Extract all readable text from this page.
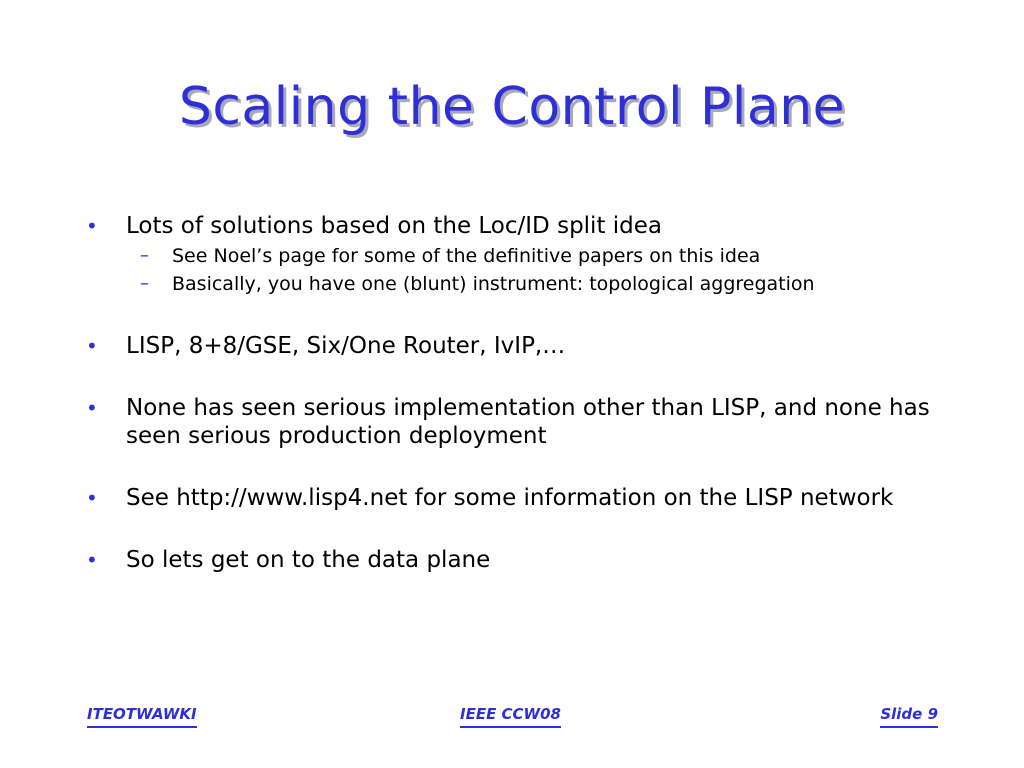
Scaling the Control Plane
•	Lots of solutions based on the Loc/ID split idea
– See Noel’s page for some of the definitive papers on this idea
– Basically, you have one (blunt) instrument: topological aggregation
•	LISP, 8+8/GSE, Six/One Router, IvIP,…
•	None has seen serious implementation other than LISP, and none has seen serious production deployment
•	See http://www.lisp4.net for some information on the LISP network
•	So lets get on to the data plane
ITEOTWAWKI	IEEE CCW08	Slide 9
